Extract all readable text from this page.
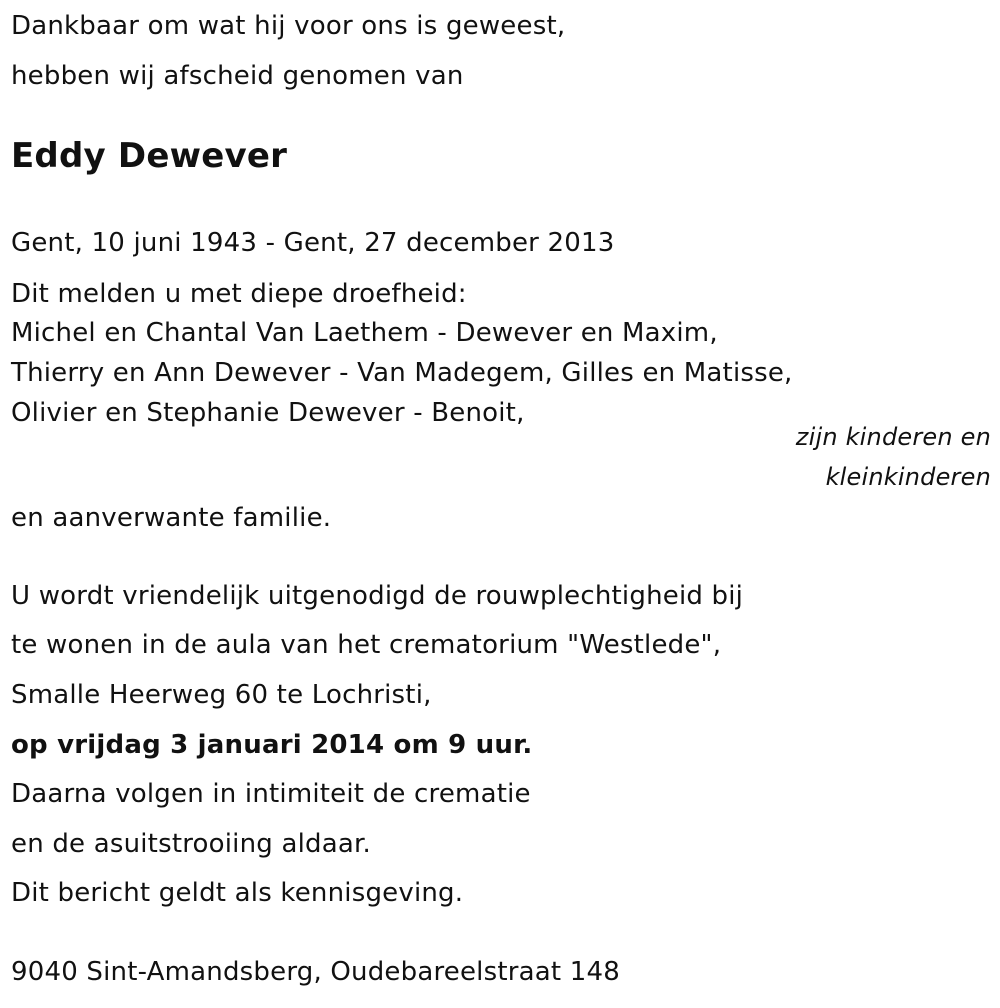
Dankbaar om wat hij voor ons is geweest,
hebben wij afscheid genomen van
Eddy Dewever
Gent, 10 juni 1943 - Gent, 27 december 2013
Dit melden u met diepe droefheid:
Michel en Chantal Van Laethem - Dewever en Maxim,
Thierry en Ann Dewever - Van Madegem, Gilles en Matisse,
Olivier en Stephanie Dewever - Benoit,
zijn kinderen en
kleinkinderen
en aanverwante familie.
U wordt vriendelijk uitgenodigd de rouwplechtigheid bij
te wonen in de aula van het crematorium "Westlede",
Smalle Heerweg 60 te Lochristi,
op vrijdag 3 januari 2014 om 9 uur.
Daarna volgen in intimiteit de crematie
en de asuitstrooiing aldaar.
Dit bericht geldt als kennisgeving.
9040 Sint-Amandsberg, Oudebareelstraat 148
